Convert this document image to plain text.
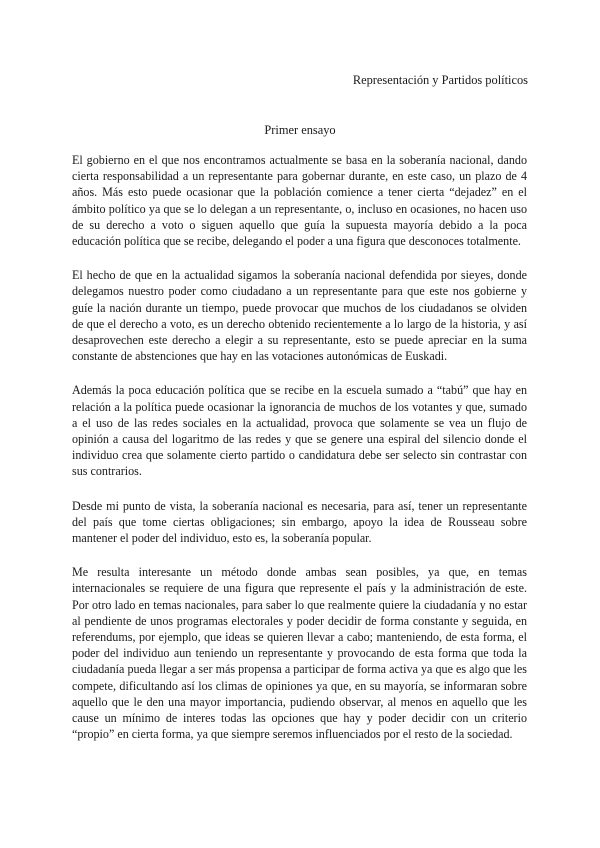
Representación y Partidos políticos
Primer ensayo

El gobierno en el que nos encontramos actualmente se basa en la soberanía nacional, dando cierta responsabilidad a un representante para gobernar durante, en este caso, un plazo de 4 años. Más esto puede ocasionar que la población comience a tener cierta “dejadez” en el ámbito político ya que se lo delegan a un representante, o, incluso en ocasiones, no hacen uso de su derecho a voto o siguen aquello que guía la supuesta mayoría debido a la poca educación política que se recibe, delegando el poder a una figura que desconoces totalmente.

El hecho de que en la actualidad sigamos la soberanía nacional defendida por sieyes, donde delegamos nuestro poder como ciudadano a un representante para que este nos gobierne y guíe la nación durante un tiempo, puede provocar que muchos de los ciudadanos se olviden de que el derecho a voto, es un derecho obtenido recientemente a lo largo de la historia, y así desaprovechen este derecho a elegir a su representante, esto se puede apreciar en la suma constante de abstenciones que hay en las votaciones autonómicas de Euskadi.

Además la poca educación política que se recibe en la escuela sumado a “tabú” que hay en relación a la política puede ocasionar la ignorancia de muchos de los votantes y que, sumado a el uso de las redes sociales en la actualidad, provoca que solamente se vea un flujo de opinión a causa del logaritmo de las redes y que se genere una espiral del silencio donde el individuo crea que solamente cierto partido o candidatura debe ser selecto sin contrastar con sus contrarios.

Desde mi punto de vista, la soberanía nacional es necesaria, para así, tener un representante del país que tome ciertas obligaciones; sin embargo, apoyo la idea de Rousseau sobre mantener el poder del individuo, esto es, la soberanía popular.

Me resulta interesante un método donde ambas sean posibles, ya que, en temas internacionales se requiere de una figura que represente el país y la administración de este. Por otro lado en temas nacionales, para saber lo que realmente quiere la ciudadanía y no estar al pendiente de unos programas electorales y poder decidir de forma constante y seguida, en referendums, por ejemplo, que ideas se quieren llevar a cabo; manteniendo, de esta forma, el poder del individuo aun teniendo un representante y provocando de esta forma que toda la ciudadanía pueda llegar a ser más propensa a participar de forma activa ya que es algo que les compete, dificultando así los climas de opiniones ya que, en su mayoría, se informaran sobre aquello que le den una mayor importancia, pudiendo observar, al menos en aquello que les cause un mínimo de interes todas las opciones que hay y poder decidir con un criterio “propio” en cierta forma, ya que siempre seremos influenciados por el resto de la sociedad.
